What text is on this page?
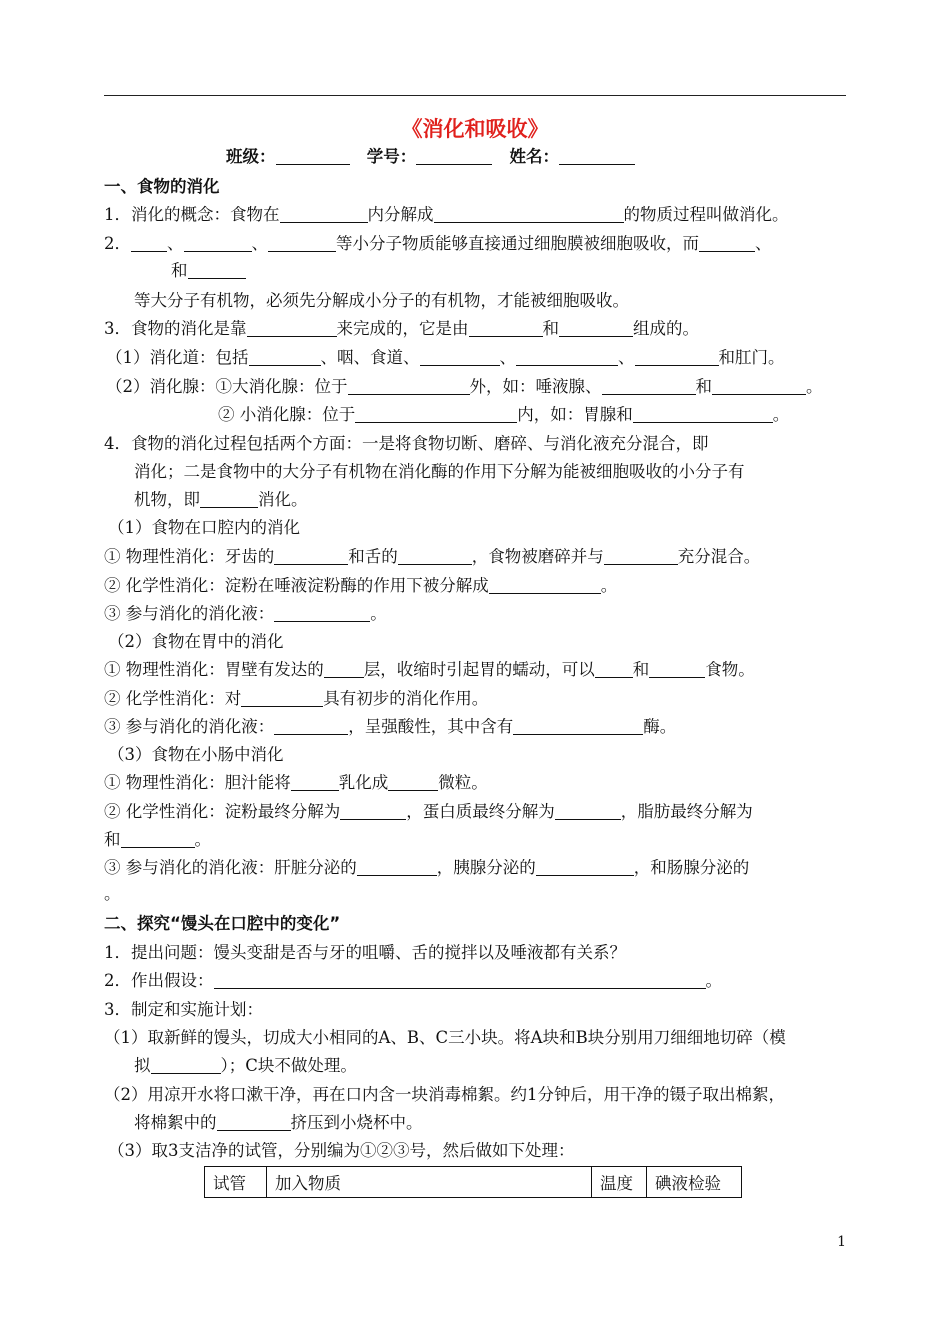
《消化和吸收》
班级：	学号：	姓名：
一、食物的消化
1．消化的概念：食物在	内分解成	的物质过程叫做消化。
2． 、	、	等小分子物质能够直接通过细胞膜被细胞吸收，而	、
和
等大分子有机物，必须先分解成小分子的有机物，才能被细胞吸收。
3．食物的消化是靠	来完成的，它是由	和	组成的。
（1）消化道：包括	、咽、食道、	、	、	和肛门。
（2）消化腺：①大消化腺：位于	外，如：唾液腺、	和	。
② 小消化腺：位于	内，如：胃腺和	。
4．食物的消化过程包括两个方面：一是将食物切断、磨碎、与消化液充分混合，即
消化；二是食物中的大分子有机物在消化酶的作用下分解为能被细胞吸收的小分子有
机物，即	消化。
（1）食物在口腔内的消化
① 物理性消化：牙齿的	和舌的	，食物被磨碎并与	充分混合。
② 化学性消化：淀粉在唾液淀粉酶的作用下被分解成	。
③ 参与消化的消化液：	。
（2）食物在胃中的消化
① 物理性消化：胃壁有发达的 层，收缩时引起胃的蠕动，可以 和	食物。
② 化学性消化：对	具有初步的消化作用。
③ 参与消化的消化液：	，呈强酸性，其中含有	酶。
（3）食物在小肠中消化
① 物理性消化：胆汁能将	乳化成	微粒。
② 化学性消化：淀粉最终分解为	，蛋白质最终分解为	，脂肪最终分解为
和	。
③ 参与消化的消化液：肝脏分泌的	，胰腺分泌的	，和肠腺分泌的
。
二、探究“馒头在口腔中的变化”
1．提出问题：馒头变甜是否与牙的咀嚼、舌的搅拌以及唾液都有关系？
2．作出假设：	。
3．制定和实施计划：
（1）取新鲜的馒头，切成大小相同的A、B、C三小块。将A块和B块分别用刀细细地切碎（模
拟	）；C块不做处理。
（2）用凉开水将口漱干净，再在口内含一块消毒棉絮。约1分钟后，用干净的镊子取出棉絮，
将棉絮中的	挤压到小烧杯中。
（3）取3支洁净的试管，分别编为①②③号，然后做如下处理：
试管	加入物质	温度	碘液检验
1
